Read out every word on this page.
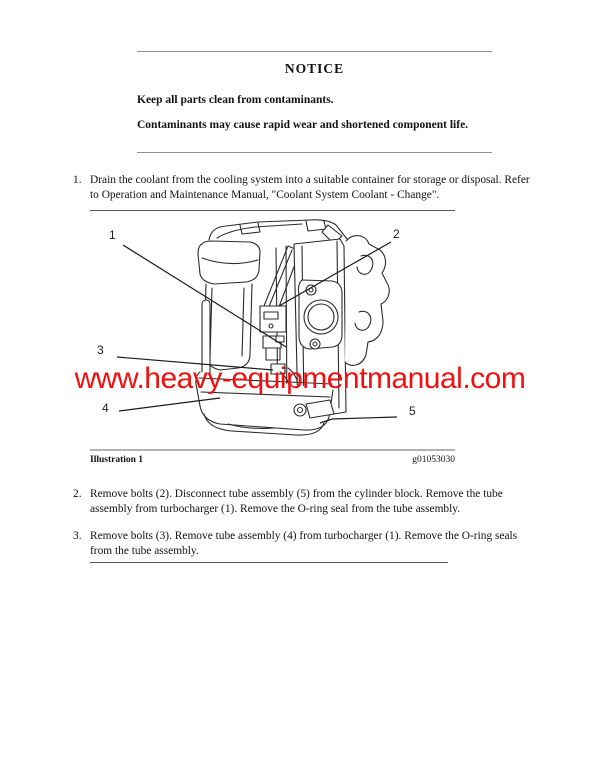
NOTICE
Keep all parts clean from contaminants.
Contaminants may cause rapid wear and shortened component life.
1. Drain the coolant from the cooling system into a suitable container for storage or disposal. Refer to Operation and Maintenance Manual, "Coolant System Coolant - Change".
1	2
3
4	5
www.heavy-equipmentmanual.com
Illustration 1	g01053030
2. Remove bolts (2). Disconnect tube assembly (5) from the cylinder block. Remove the tube assembly from turbocharger (1). Remove the O-ring seal from the tube assembly.
3. Remove bolts (3). Remove tube assembly (4) from turbocharger (1). Remove the O-ring seals from the tube assembly.
